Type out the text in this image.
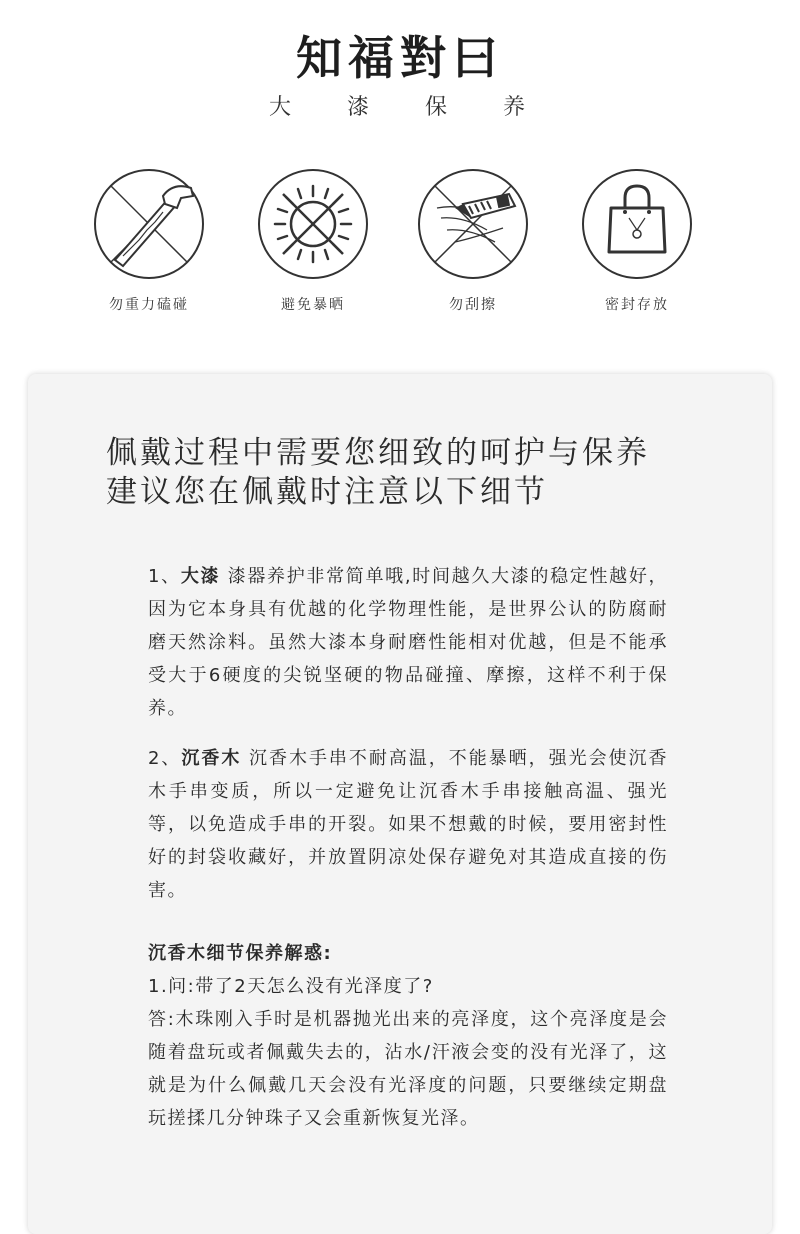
知福對曰
大漆保养
勿重力磕碰	避免暴晒	勿刮擦	密封存放
佩戴过程中需要您细致的呵护与保养
建议您在佩戴时注意以下细节
1、大漆 漆器养护非常简单哦,时间越久大漆的稳定性越好，因为它本身具有优越的化学物理性能，是世界公认的防腐耐磨天然涂料。虽然大漆本身耐磨性能相对优越，但是不能承受大于6硬度的尖锐坚硬的物品碰撞、摩擦，这样不利于保养。
2、沉香木 沉香木手串不耐高温，不能暴晒，强光会使沉香木手串变质，所以一定避免让沉香木手串接触高温、强光等，以免造成手串的开裂。如果不想戴的时候，要用密封性好的封袋收藏好，并放置阴凉处保存避免对其造成直接的伤害。
沉香木细节保养解惑:
1.问:带了2天怎么没有光泽度了?
答:木珠刚入手时是机器抛光出来的亮泽度，这个亮泽度是会随着盘玩或者佩戴失去的，沾水/汗液会变的没有光泽了，这就是为什么佩戴几天会没有光泽度的问题，只要继续定期盘玩搓揉几分钟珠子又会重新恢复光泽。
